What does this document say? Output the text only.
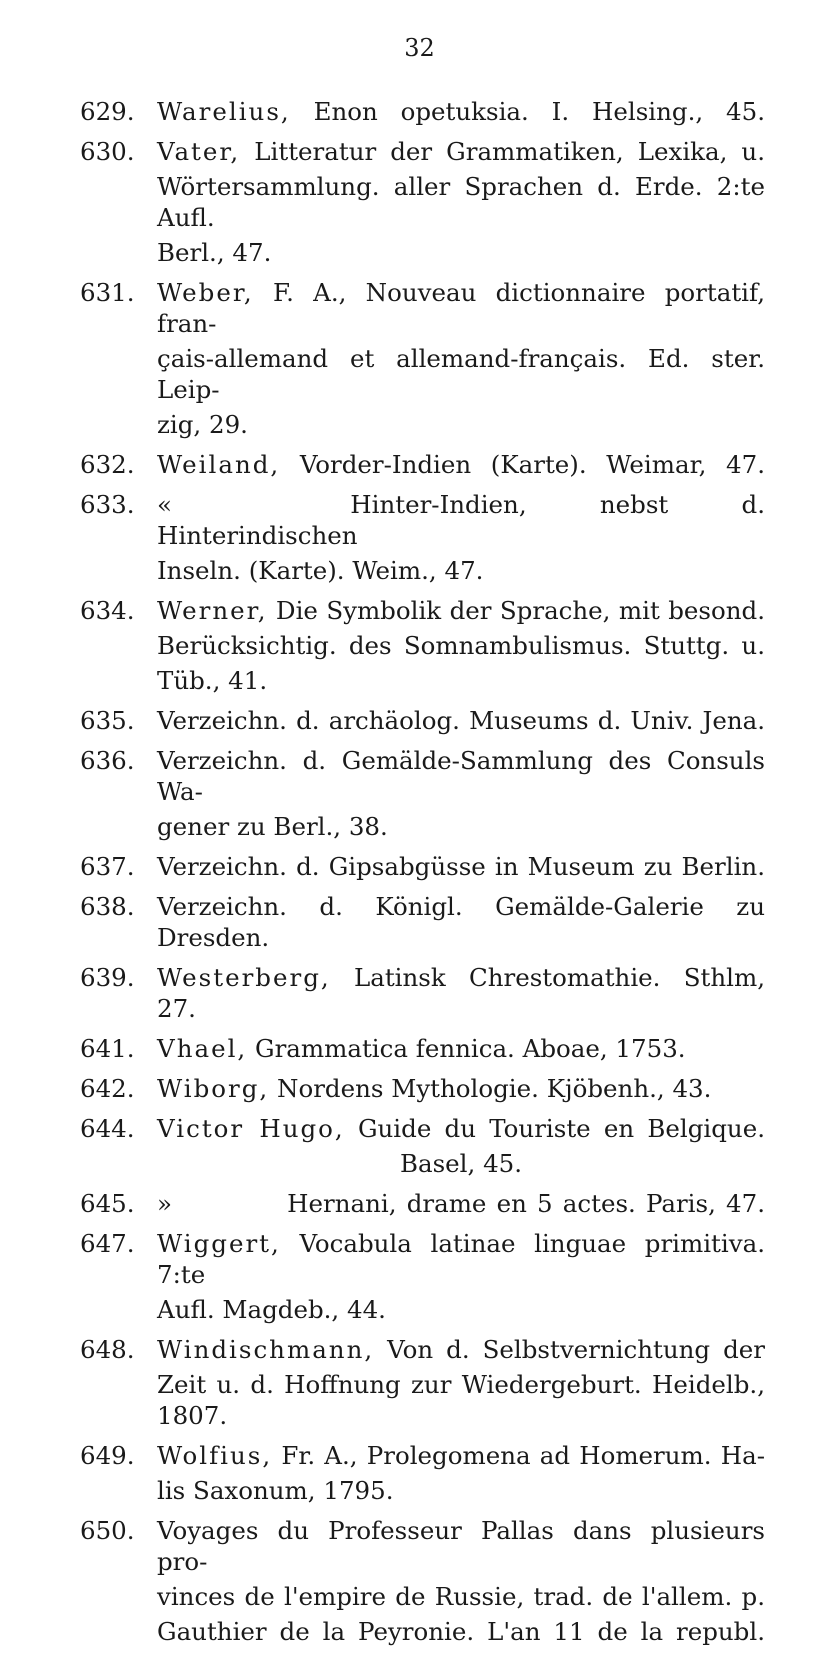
32
629. Warelius, Enon opetuksia. I. Helsing., 45.
630. Vater, Litteratur der Grammatiken, Lexika, u.
Wörtersammlung. aller Sprachen d. Erde. 2:te Aufl.
Berl., 47.
631. Weber, F. A., Nouveau dictionnaire portatif, fran-
çais-allemand et allemand-français. Ed. ster. Leip-
zig, 29.
632. Weiland, Vorder-Indien (Karte). Weimar, 47.
633. «	Hinter-Indien, nebst d. Hinterindischen
Inseln. (Karte). Weim., 47.
634. Werner, Die Symbolik der Sprache, mit besond.
Berücksichtig. des Somnambulismus. Stuttg. u.
Tüb., 41.
635. Verzeichn. d. archäolog. Museums d. Univ. Jena.
636. Verzeichn. d. Gemälde-Sammlung des Consuls Wa-
gener zu Berl., 38.
637. Verzeichn. d. Gipsabgüsse in Museum zu Berlin.
638. Verzeichn. d. Königl. Gemälde-Galerie zu Dresden.
639. Westerberg, Latinsk Chrestomathie. Sthlm, 27.
641. Vhael, Grammatica fennica. Aboae, 1753.
642. Wiborg, Nordens Mythologie. Kjöbenh., 43.
644. Victor Hugo, Guide du Touriste en Belgique.
Basel, 45.
645. »	Hernani, drame en 5 actes. Paris, 47.
647. Wiggert, Vocabula latinae linguae primitiva. 7:te
Aufl. Magdeb., 44.
648. Windischmann, Von d. Selbstvernichtung der
Zeit u. d. Hoffnung zur Wiedergeburt. Heidelb., 1807.
649. Wolfius, Fr. A., Prolegomena ad Homerum. Ha-
lis Saxonum, 1795.
650. Voyages du Professeur Pallas dans plusieurs pro-
vinces de l'empire de Russie, trad. de l'allem. p.
Gauthier de la Peyronie. L'an 11 de la republ.
